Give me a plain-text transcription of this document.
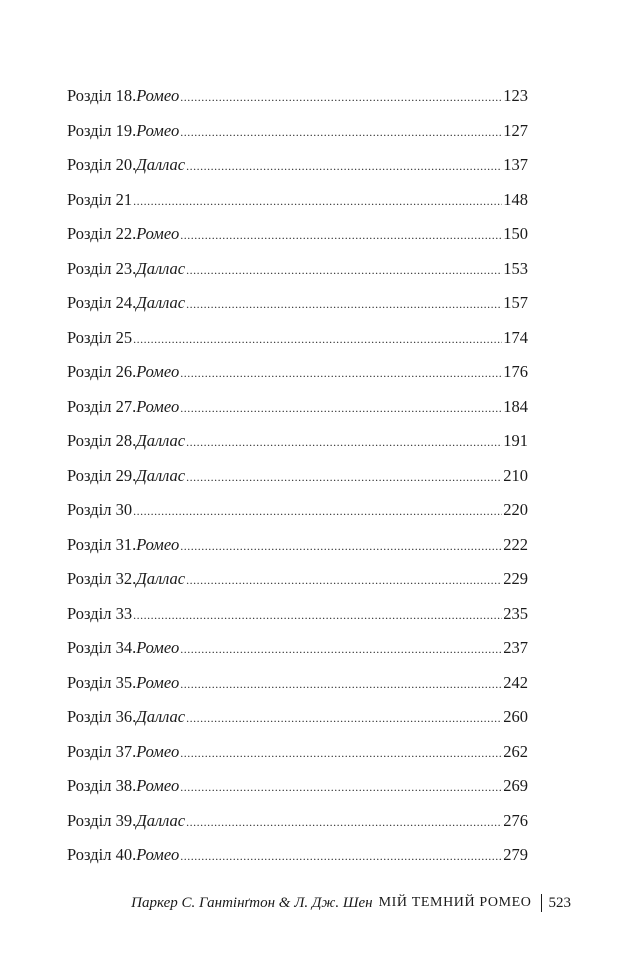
Розділ 18. Ромео .....	123
Розділ 19. Ромео .....	127
Розділ 20. Даллас .....	137
Розділ 21 .....	148
Розділ 22. Ромео .....	150
Розділ 23. Даллас .....	153
Розділ 24. Даллас .....	157
Розділ 25 .....	174
Розділ 26. Ромео .....	176
Розділ 27. Ромео .....	184
Розділ 28. Даллас .....	191
Розділ 29. Даллас .....	210
Розділ 30 .....	220
Розділ 31. Ромео .....	222
Розділ 32. Даллас .....	229
Розділ 33 .....	235
Розділ 34. Ромео .....	237
Розділ 35. Ромео .....	242
Розділ 36. Даллас .....	260
Розділ 37. Ромео .....	262
Розділ 38. Ромео .....	269
Розділ 39. Даллас .....	276
Розділ 40. Ромео .....	279
Паркер С. Гантінґтон & Л. Дж. Шен МІЙ ТЕМНИЙ РОМЕО 523
